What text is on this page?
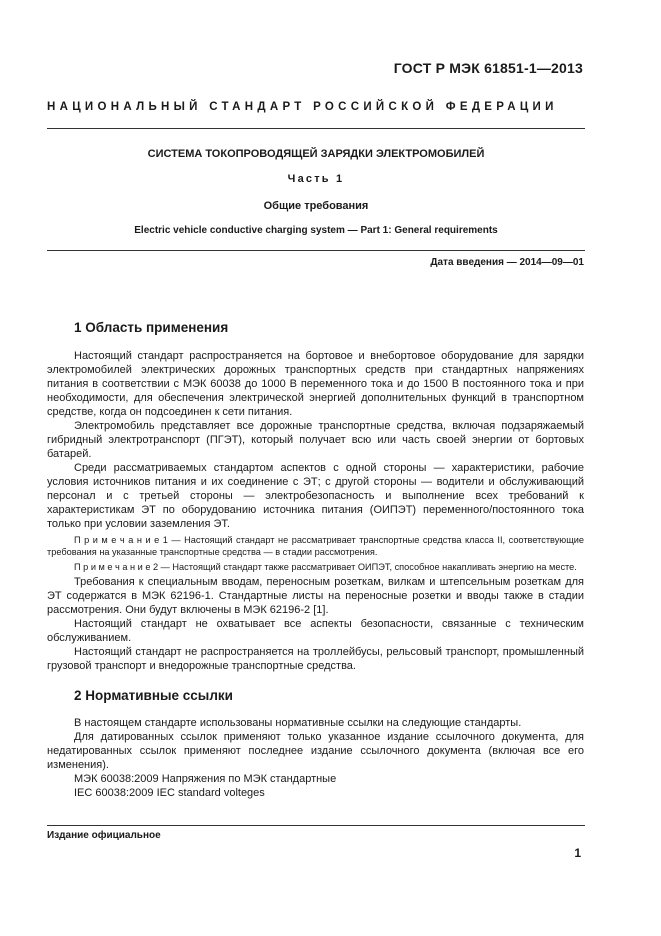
ГОСТ Р МЭК 61851-1—2013
НАЦИОНАЛЬНЫЙ СТАНДАРТ РОССИЙСКОЙ ФЕДЕРАЦИИ
СИСТЕМА ТОКОПРОВОДЯЩЕЙ ЗАРЯДКИ ЭЛЕКТРОМОБИЛЕЙ
Часть 1
Общие требования
Electric vehicle conductive charging system — Part 1: General requirements
Дата введения — 2014—09—01
1 Область применения

Настоящий стандарт распространяется на бортовое и внебортовое оборудование для зарядки электромобилей электрических дорожных транспортных средств при стандартных напряжениях питания в соответствии с МЭК 60038 до 1000 В переменного тока и до 1500 В постоянного тока и при необходимости, для обеспечения электрической энергией дополнительных функций в транспортном средстве, когда он подсоединен к сети питания.

Электромобиль представляет все дорожные транспортные средства, включая подзаряжаемый гибридный электротранспорт (ПГЭТ), который получает всю или часть своей энергии от бортовых батарей.

Среди рассматриваемых стандартом аспектов с одной стороны — характеристики, рабочие условия источников питания и их соединение с ЭТ; с другой стороны — водители и обслуживающий персонал и с третьей стороны — электробезопасность и выполнение всех требований к характеристикам ЭТ по оборудованию источника питания (ОИПЭТ) переменного/постоянного тока только при условии заземления ЭТ.

П р и м е ч а н и е 1 — Настоящий стандарт не рассматривает транспортные средства класса II, соответствующие требования на указанные транспортные средства — в стадии рассмотрения.

П р и м е ч а н и е 2 — Настоящий стандарт также рассматривает ОИПЭТ, способное накапливать энергию на месте.

Требования к специальным вводам, переносным розеткам, вилкам и штепсельным розеткам для ЭТ содержатся в МЭК 62196-1. Стандартные листы на переносные розетки и вводы также в стадии рассмотрения. Они будут включены в МЭК 62196-2 [1].

Настоящий стандарт не охватывает все аспекты безопасности, связанные с техническим обслуживанием.

Настоящий стандарт не распространяется на троллейбусы, рельсовый транспорт, промышленный грузовой транспорт и внедорожные транспортные средства.

2 Нормативные ссылки

В настоящем стандарте использованы нормативные ссылки на следующие стандарты.

Для датированных ссылок применяют только указанное издание ссылочного документа, для недатированных ссылок применяют последнее издание ссылочного документа (включая все его изменения).

МЭК 60038:2009 Напряжения по МЭК стандартные

IEC 60038:2009 IEC standard volteges

Издание официальное
1
